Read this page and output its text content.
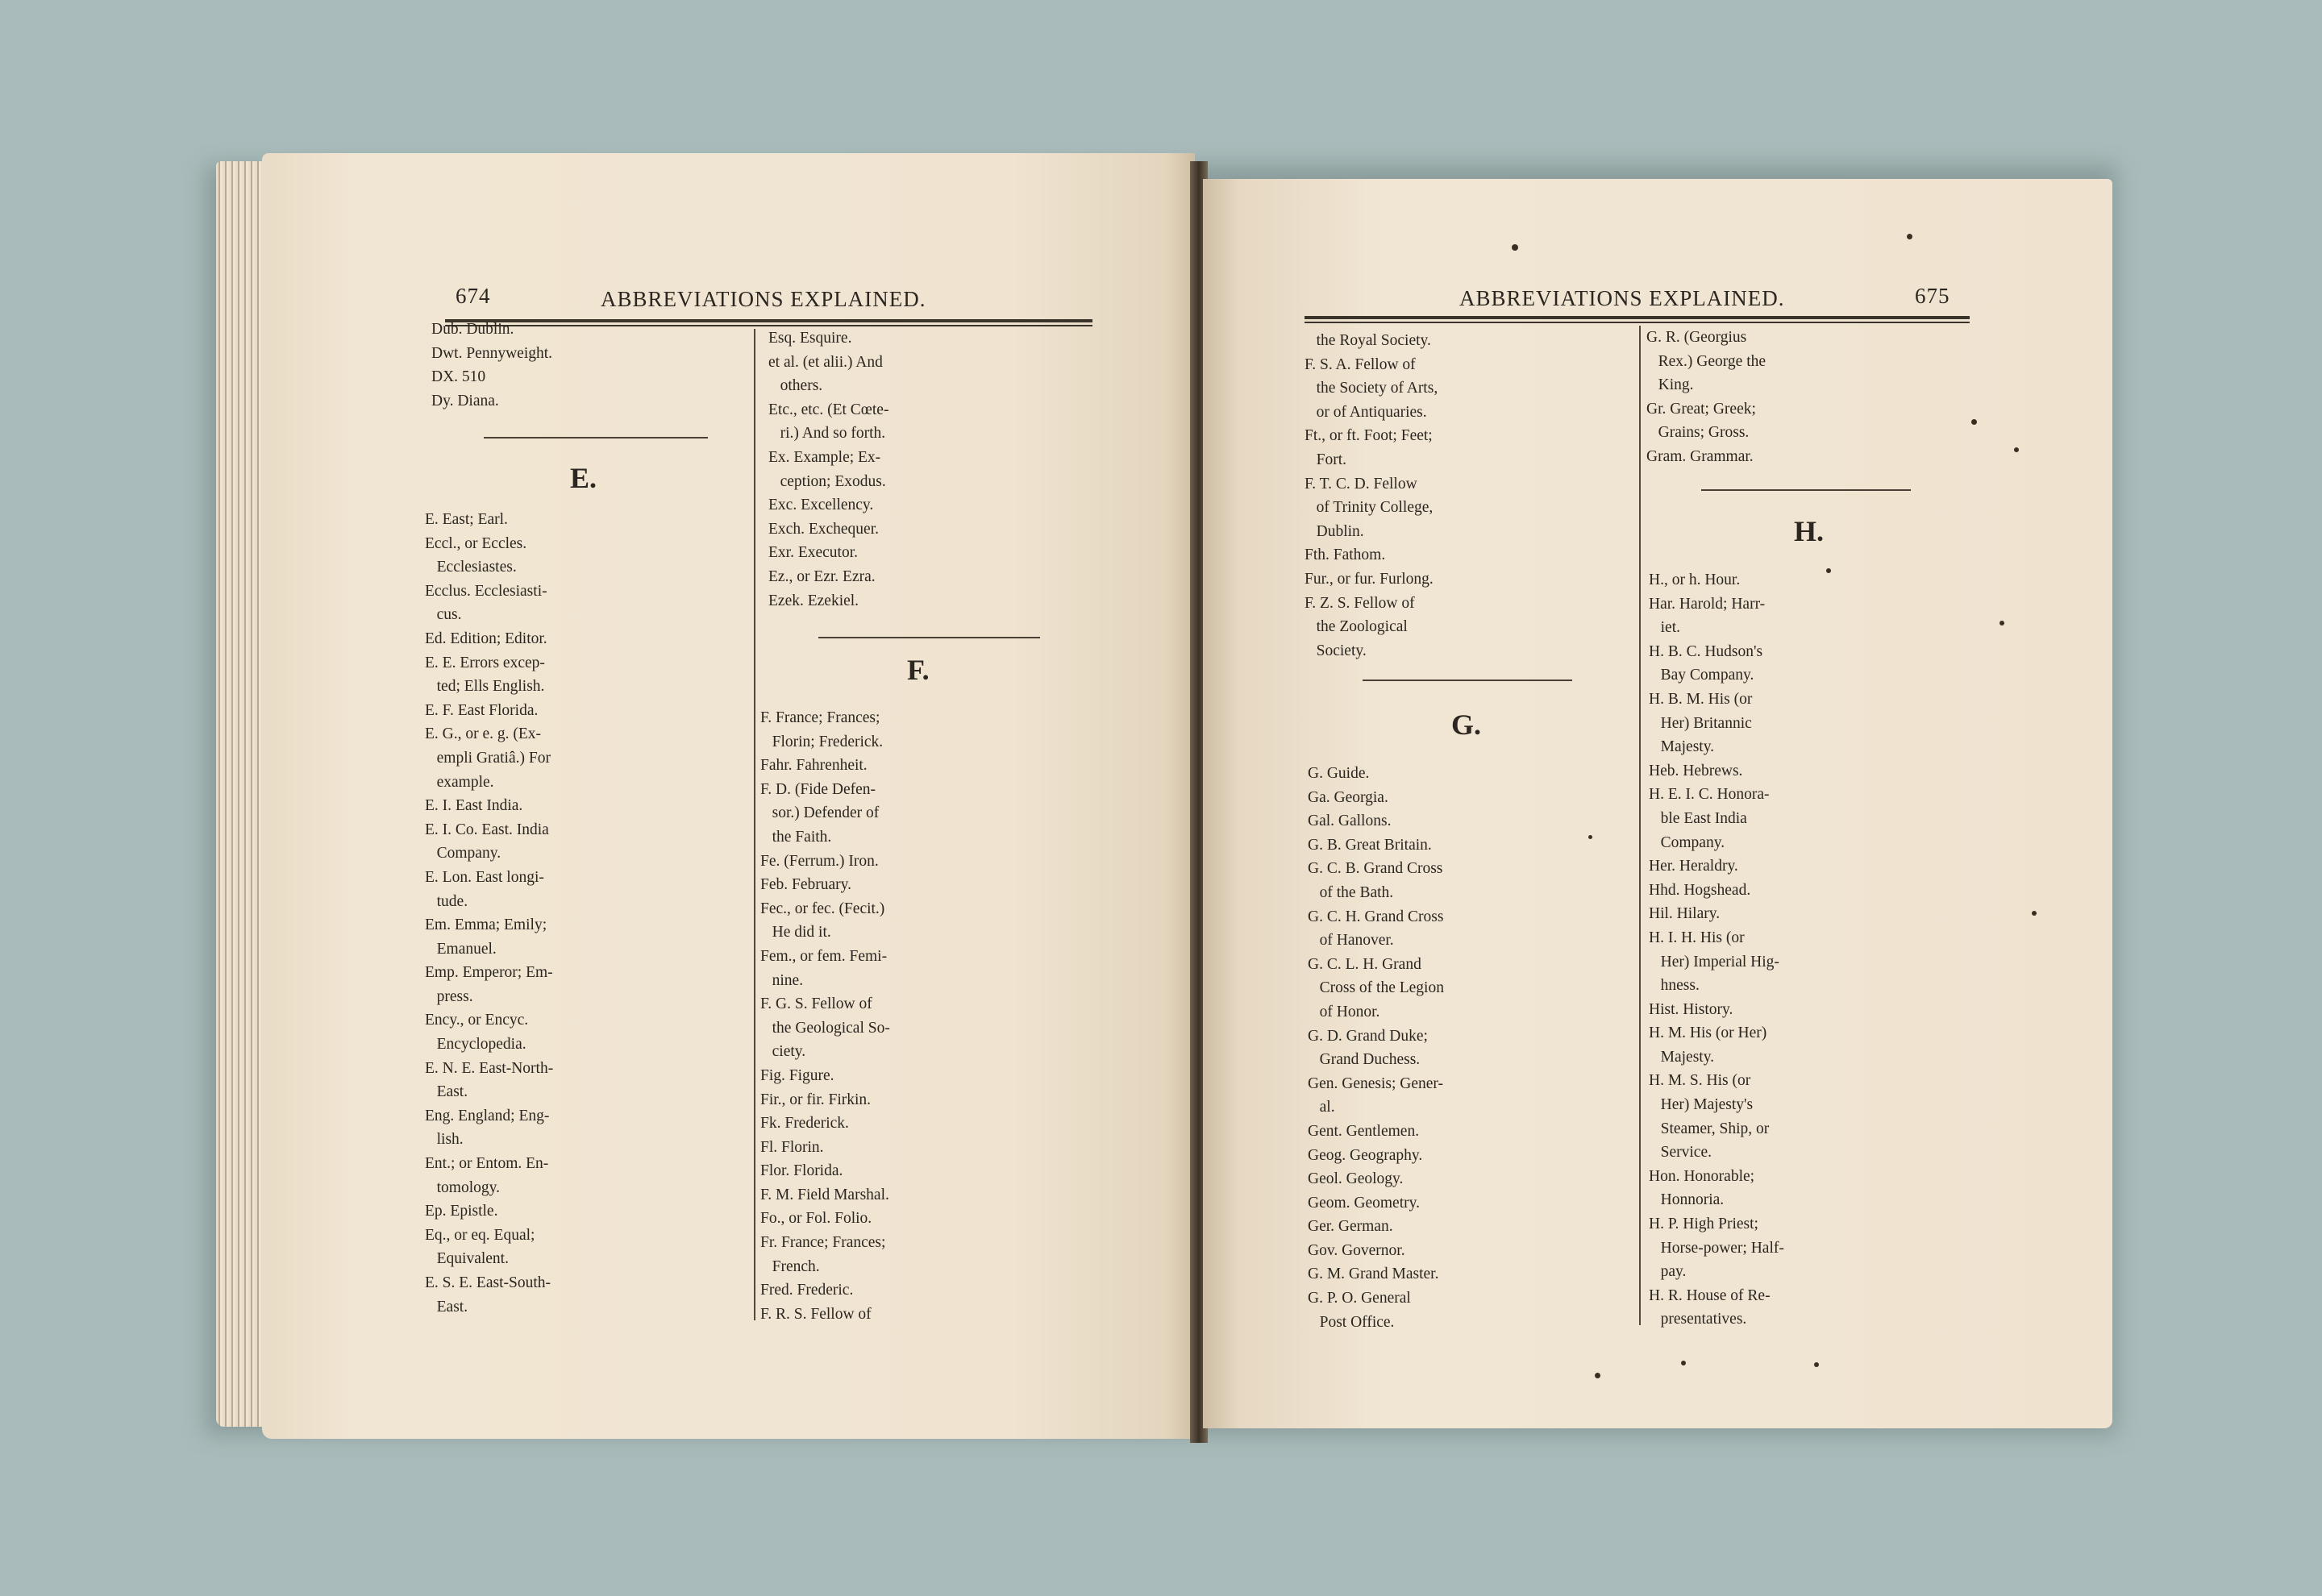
674	ABBREVIATIONS EXPLAINED.
Dub. Dublin.
Dwt. Pennyweight.
DX. 510
Dy. Diana.
E.
E. East; Earl.
Eccl., or Eccles.
Ecclesiastes.
Ecclus. Ecclesiasti-
cus.
Ed. Edition; Editor.
E. E. Errors excep-
ted; Ells English.
E. F. East Florida.
E. G., or e. g. (Ex-
empli Gratiâ.) For
example.
E. I. East India.
E. I. Co. East. India
Company.
E. Lon. East longi-
tude.
Em. Emma; Emily;
Emanuel.
Emp. Emperor; Em-
press.
Ency., or Encyc.
Encyclopedia.
E. N. E. East-North-
East.
Eng. England; Eng-
lish.
Ent.; or Entom. En-
tomology.
Ep. Epistle.
Eq., or eq. Equal;
Equivalent.
E. S. E. East-South-
East.
Esq. Esquire.
et al. (et alii.) And
others.
Etc., etc. (Et Cœte-
ri.) And so forth.
Ex. Example; Ex-
ception; Exodus.
Exc. Excellency.
Exch. Exchequer.
Exr. Executor.
Ez., or Ezr. Ezra.
Ezek. Ezekiel.
F.
F. France; Frances;
Florin; Frederick.
Fahr. Fahrenheit.
F. D. (Fide Defen-
sor.) Defender of
the Faith.
Fe. (Ferrum.) Iron.
Feb. February.
Fec., or fec. (Fecit.)
He did it.
Fem., or fem. Femi-
nine.
F. G. S. Fellow of
the Geological So-
ciety.
Fig. Figure.
Fir., or fir. Firkin.
Fk. Frederick.
Fl. Florin.
Flor. Florida.
F. M. Field Marshal.
Fo., or Fol. Folio.
Fr. France; Frances;
French.
Fred. Frederic.
F. R. S. Fellow of
ABBREVIATIONS EXPLAINED.	675
the Royal Society.
F. S. A. Fellow of
the Society of Arts,
or of Antiquaries.
Ft., or ft. Foot; Feet;
Fort.
F. T. C. D. Fellow
of Trinity College,
Dublin.
Fth. Fathom.
Fur., or fur. Furlong.
F. Z. S. Fellow of
the Zoological
Society.
G.
G. Guide.
Ga. Georgia.
Gal. Gallons.
G. B. Great Britain.
G. C. B. Grand Cross
of the Bath.
G. C. H. Grand Cross
of Hanover.
G. C. L. H. Grand
Cross of the Legion
of Honor.
G. D. Grand Duke;
Grand Duchess.
Gen. Genesis; Gener-
al.
Gent. Gentlemen.
Geog. Geography.
Geol. Geology.
Geom. Geometry.
Ger. German.
Gov. Governor.
G. M. Grand Master.
G. P. O. General
Post Office.
G. R. (Georgius
Rex.) George the
King.
Gr. Great; Greek;
Grains; Gross.
Gram. Grammar.
H.
H., or h. Hour.
Har. Harold; Harr-
iet.
H. B. C. Hudson's
Bay Company.
H. B. M. His (or
Her) Britannic
Majesty.
Heb. Hebrews.
H. E. I. C. Honora-
ble East India
Company.
Her. Heraldry.
Hhd. Hogshead.
Hil. Hilary.
H. I. H. His (or
Her) Imperial Hig-
hness.
Hist. History.
H. M. His (or Her)
Majesty.
H. M. S. His (or
Her) Majesty's
Steamer, Ship, or
Service.
Hon. Honorable;
Honnoria.
H. P. High Priest;
Horse-power; Half-
pay.
H. R. House of Re-
presentatives.
